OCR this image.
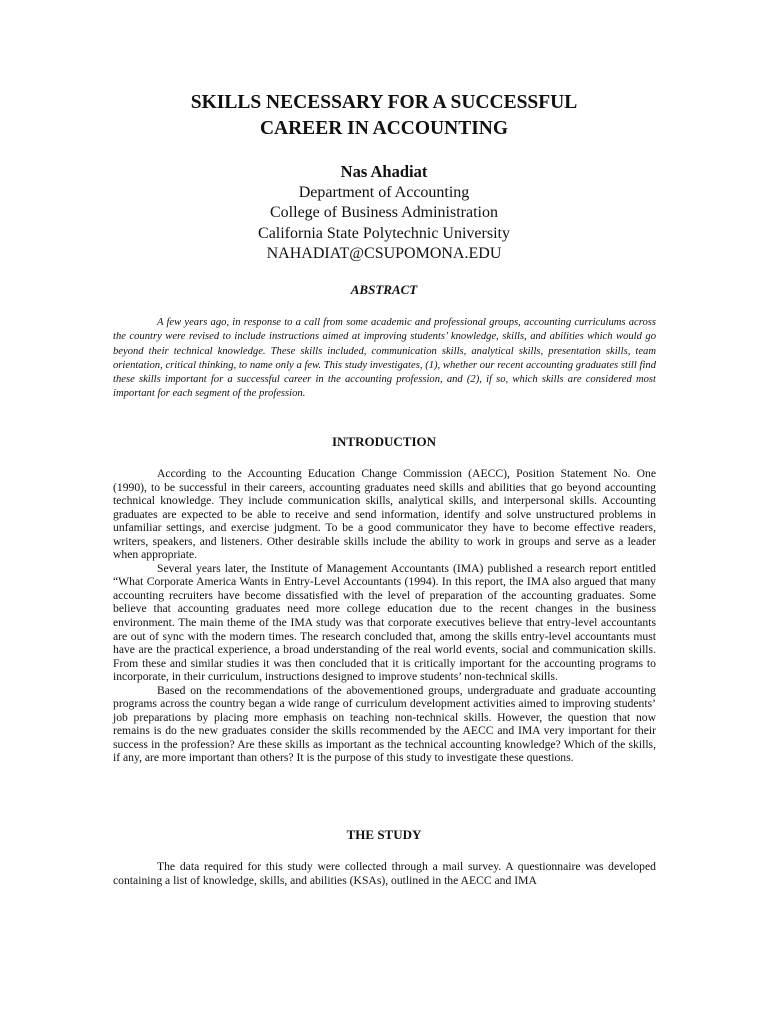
SKILLS NECESSARY FOR A SUCCESSFUL
CAREER IN ACCOUNTING
Nas Ahadiat
Department of Accounting
College of Business Administration
California State Polytechnic University
NAHADIAT@CSUPOMONA.EDU
ABSTRACT

A few years ago, in response to a call from some academic and professional groups, accounting curriculums across the country were revised to include instructions aimed at improving students’ knowledge, skills, and abilities which would go beyond their technical knowledge. These skills included, communication skills, analytical skills, presentation skills, team orientation, critical thinking, to name only a few. This study investigates, (1), whether our recent accounting graduates still find these skills important for a successful career in the accounting profession, and (2), if so, which skills are considered most important for each segment of the profession.

INTRODUCTION

According to the Accounting Education Change Commission (AECC), Position Statement No. One (1990), to be successful in their careers, accounting graduates need skills and abilities that go beyond accounting technical knowledge. They include communication skills, analytical skills, and interpersonal skills. Accounting graduates are expected to be able to receive and send information, identify and solve unstructured problems in unfamiliar settings, and exercise judgment. To be a good communicator they have to become effective readers, writers, speakers, and listeners. Other desirable skills include the ability to work in groups and serve as a leader when appropriate.

Several years later, the Institute of Management Accountants (IMA) published a research report entitled “What Corporate America Wants in Entry-Level Accountants (1994). In this report, the IMA also argued that many accounting recruiters have become dissatisfied with the level of preparation of the accounting graduates. Some believe that accounting graduates need more college education due to the recent changes in the business environment. The main theme of the IMA study was that corporate executives believe that entry-level accountants are out of sync with the modern times. The research concluded that, among the skills entry-level accountants must have are the practical experience, a broad understanding of the real world events, social and communication skills. From these and similar studies it was then concluded that it is critically important for the accounting programs to incorporate, in their curriculum, instructions designed to improve students’ non-technical skills.

Based on the recommendations of the abovementioned groups, undergraduate and graduate accounting programs across the country began a wide range of curriculum development activities aimed to improving students’ job preparations by placing more emphasis on teaching non-technical skills. However, the question that now remains is do the new graduates consider the skills recommended by the AECC and IMA very important for their success in the profession? Are these skills as important as the technical accounting knowledge? Which of the skills, if any, are more important than others? It is the purpose of this study to investigate these questions.

THE STUDY

The data required for this study were collected through a mail survey. A questionnaire was developed containing a list of knowledge, skills, and abilities (KSAs), outlined in the AECC and IMA
